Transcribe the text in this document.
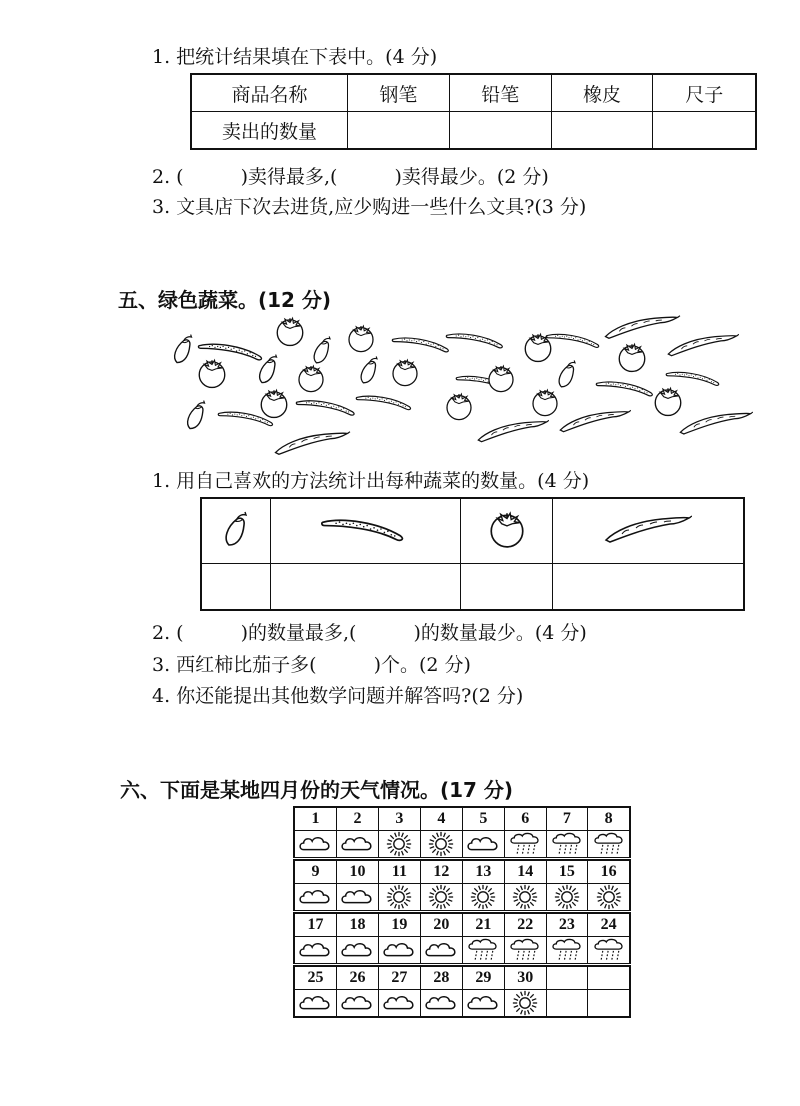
1. 把统计结果填在下表中。(4 分)
商品名称	钢笔	铅笔	橡皮	尺子
卖出的数量				
2. (　　　)卖得最多,(　　　)卖得最少。(2 分)
3. 文具店下次去进货,应少购进一些什么文具?(3 分)
五、绿色蔬菜。(12 分)
1. 用自己喜欢的方法统计出每种蔬菜的数量。(4 分)

2. (　　　)的数量最多,(　　　)的数量最少。(4 分)
3. 西红柿比茄子多(　　　)个。(2 分)
4. 你还能提出其他数学问题并解答吗?(2 分)
六、下面是某地四月份的天气情况。(17 分)
1	2	3	4	5	6	7	8

9	10	11	12	13	14	15	16

17	18	19	20	21	22	23	24

25	26	27	28	29	30		
